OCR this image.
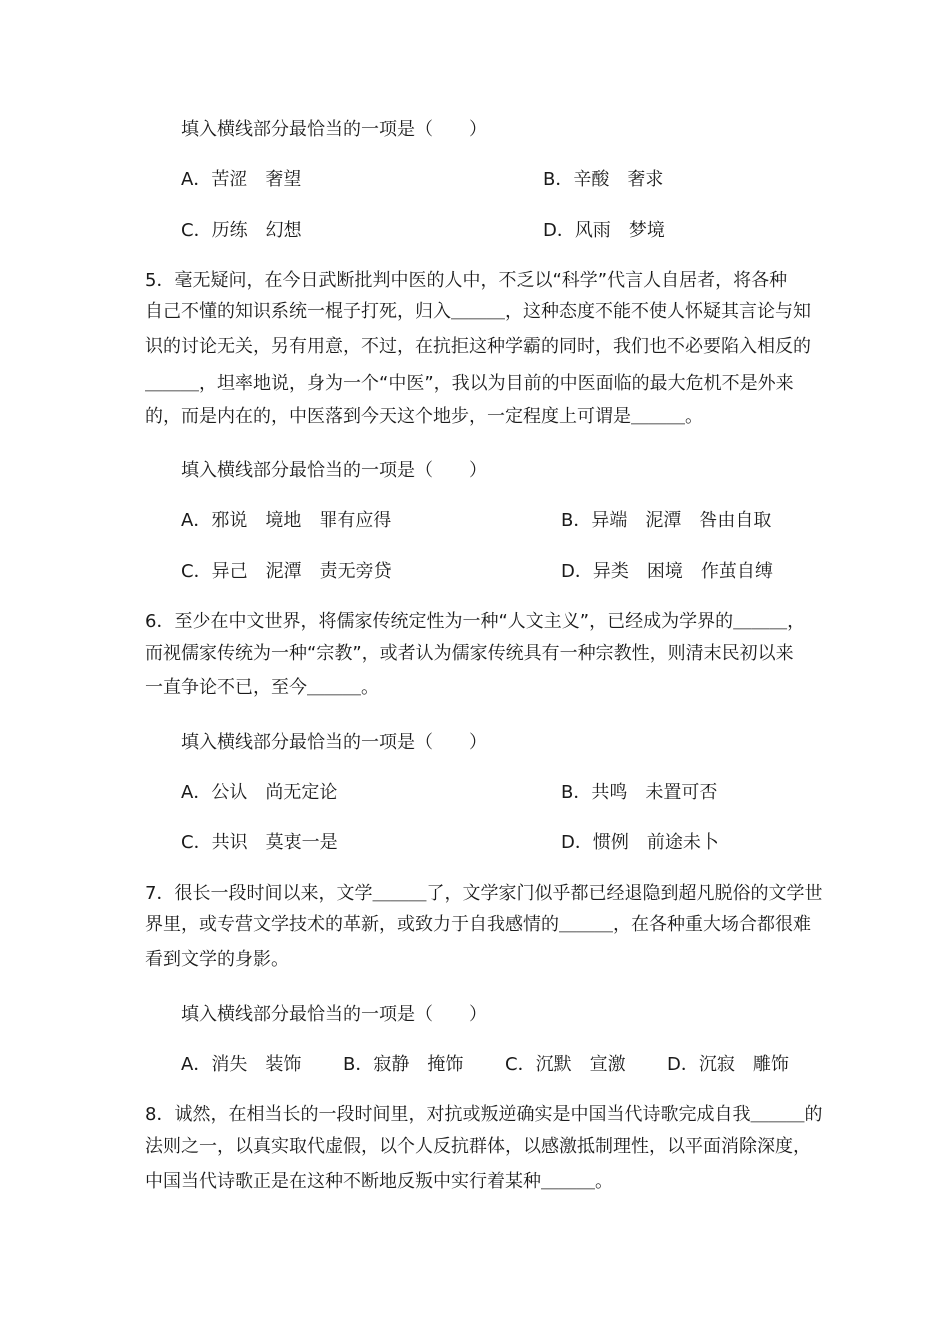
填入横线部分最恰当的一项是（　　）
A．苦涩　奢望	B．辛酸　奢求
C．历练　幻想	D．风雨　梦境
5．毫无疑问，在今日武断批判中医的人中，不乏以“科学”代言人自居者，将各种
自己不懂的知识系统一棍子打死，归入＿＿＿，这种态度不能不使人怀疑其言论与知
识的讨论无关，另有用意，不过，在抗拒这种学霸的同时，我们也不必要陷入相反的
＿＿＿，坦率地说，身为一个“中医”，我以为目前的中医面临的最大危机不是外来
的，而是内在的，中医落到今天这个地步，一定程度上可谓是＿＿＿。
填入横线部分最恰当的一项是（　　）
A．邪说　境地　罪有应得	B．异端　泥潭　咎由自取
C．异己　泥潭　责无旁贷	D．异类　困境　作茧自缚
6．至少在中文世界，将儒家传统定性为一种“人文主义”，已经成为学界的＿＿＿，
而视儒家传统为一种“宗教”，或者认为儒家传统具有一种宗教性，则清末民初以来
一直争论不已，至今＿＿＿。
填入横线部分最恰当的一项是（　　）
A．公认　尚无定论	B．共鸣　未置可否
C．共识　莫衷一是	D．惯例　前途未卜
7．很长一段时间以来，文学＿＿＿了，文学家门似乎都已经退隐到超凡脱俗的文学世
界里，或专营文学技术的革新，或致力于自我感情的＿＿＿，在各种重大场合都很难
看到文学的身影。
填入横线部分最恰当的一项是（　　）
A．消失　装饰 B．寂静　掩饰 C．沉默　宣激 D．沉寂　雕饰
8．诚然，在相当长的一段时间里，对抗或叛逆确实是中国当代诗歌完成自我＿＿＿的
法则之一，以真实取代虚假，以个人反抗群体，以感激抵制理性，以平面消除深度，
中国当代诗歌正是在这种不断地反叛中实行着某种＿＿＿。
